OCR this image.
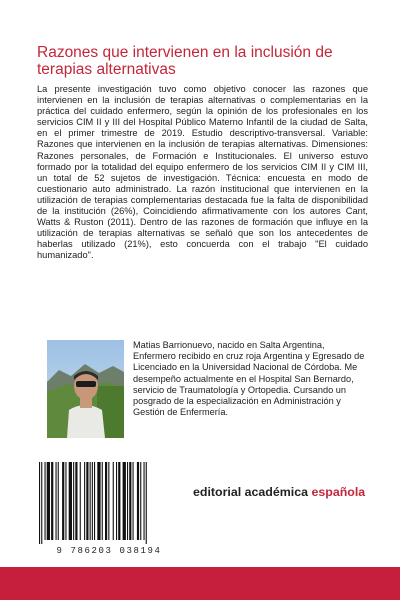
Razones que intervienen en la inclusión de terapias alternativas
La presente investigación tuvo como objetivo conocer las razones que intervienen en la inclusión de terapias alternativas o complementarias en la práctica del cuidado enfermero, según la opinión de los profesionales en los servicios CIM II y III del Hospital Público Materno Infantil de la ciudad de Salta, en el primer trimestre de 2019. Estudio descriptivo-transversal. Variable: Razones que intervienen en la inclusión de terapias alternativas. Dimensiones: Razones personales, de Formación e Institucionales. El universo estuvo formado por la totalidad del equipo enfermero de los servicios CIM II y CIM III, un total de 52 sujetos de investigación. Técnica: encuesta en modo de cuestionario auto administrado. La razón institucional que intervienen en la utilización de terapias complementarias destacada fue la falta de disponibilidad de la institución (26%), Coincidiendo afirmativamente con los autores Cant, Watts & Ruston (2011). Dentro de las razones de formación que influye en la utilización de terapias alternativas se señaló que son los antecedentes de haberlas utilizado (21%), esto concuerda con el trabajo "El cuidado humanizado".
Matias Barrionuevo, nacido en Salta Argentina, Enfermero recibido en cruz roja Argentina y Egresado de Licenciado en la Universidad Nacional de Córdoba. Me desempeño actualmente en el Hospital San Bernardo, servicio de Traumatología y Ortopedia. Cursando un posgrado de la especialización en Administración y Gestión de Enfermería.
9 786203 038194
editorial académica española
